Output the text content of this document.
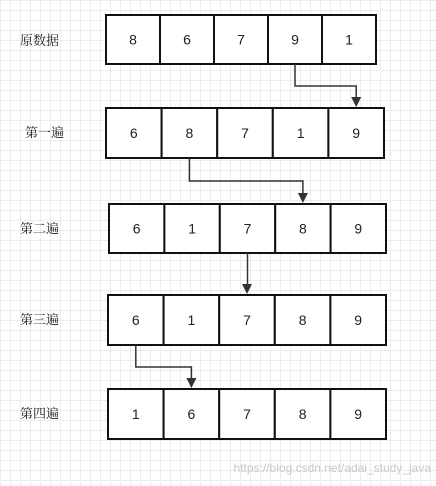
原数据	8	6	7	9	1
第一遍	6	8	7	1	9
第二遍	6	1	7	8	9
第三遍	6	1	7	8	9
第四遍	1	6	7	8	9
https://blog.csdn.net/adai_study_java
